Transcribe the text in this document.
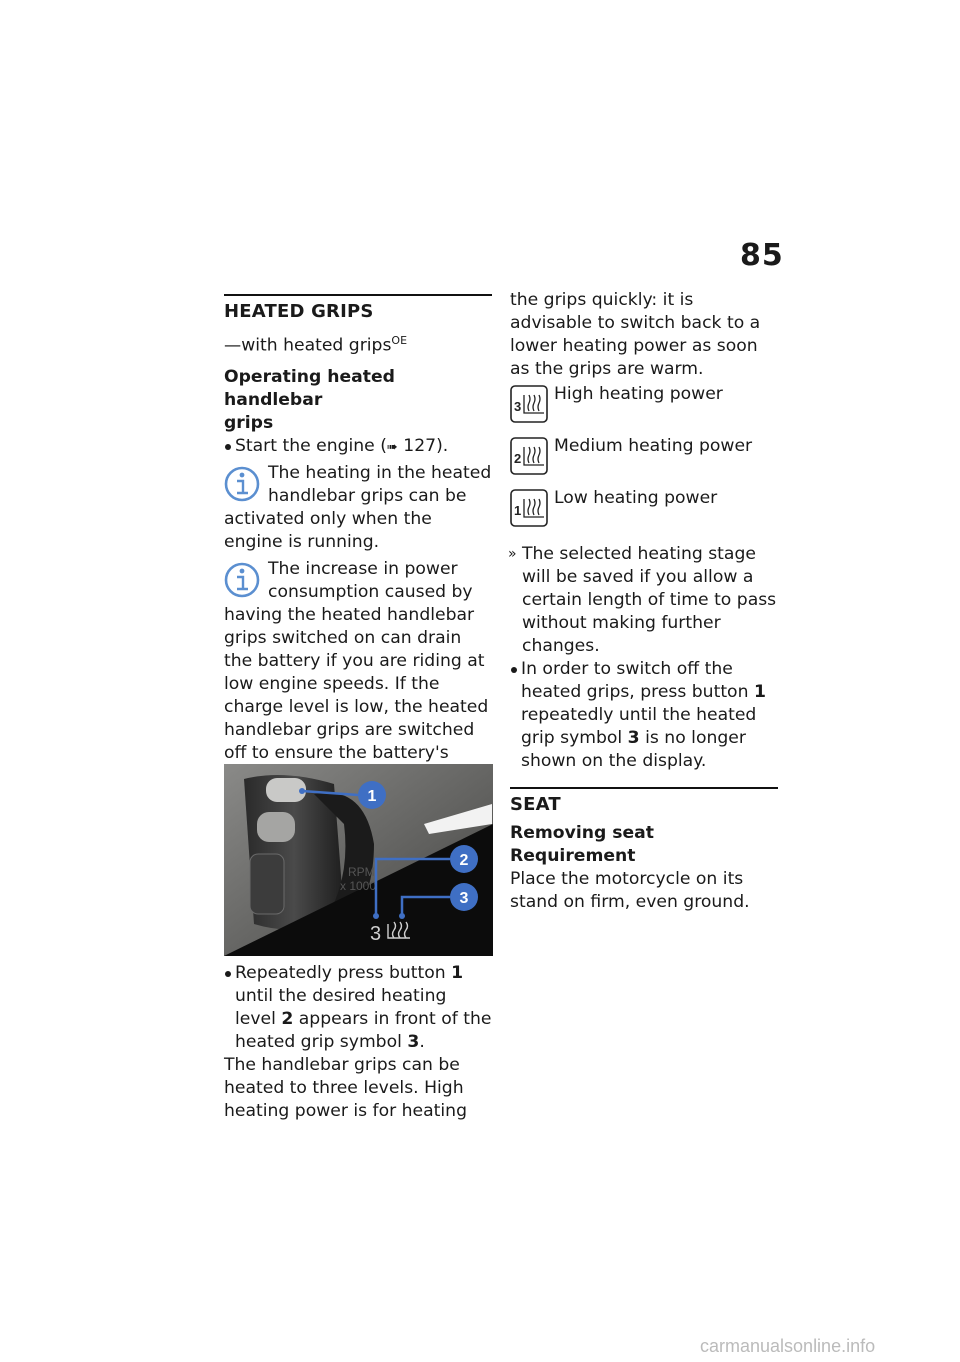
85
HEATED GRIPS
—with heated grips$^{OE}$
Operating heated handlebar
grips
Start the engine (➠ 127).

The heating in the heated handlebar grips can be activated only when the engine is running.

The increase in power consumption caused by having the heated handlebar grips switched on can drain the battery if you are riding at low engine speeds. If the charge level is low, the heated handlebar grips are switched off to ensure the battery's

RPM
x 1000
3
1
2
3
Repeatedly press button 1 until the desired heating level 2 appears in front of the heated grip symbol 3.
The handlebar grips can be heated to three levels. High heating power is for heating
the grips quickly: it is advisable to switch back to a lower heating power as soon as the grips are warm.
3
High heating power
2
Medium heating power
1
Low heating power
» The selected heating stage will be saved if you allow a certain length of time to pass without making further changes.
In order to switch off the heated grips, press button 1 repeatedly until the heated grip symbol 3 is no longer shown on the display.
SEAT
Removing seat
Requirement
Place the motorcycle on its stand on firm, even ground.
carmanualsonline.info
